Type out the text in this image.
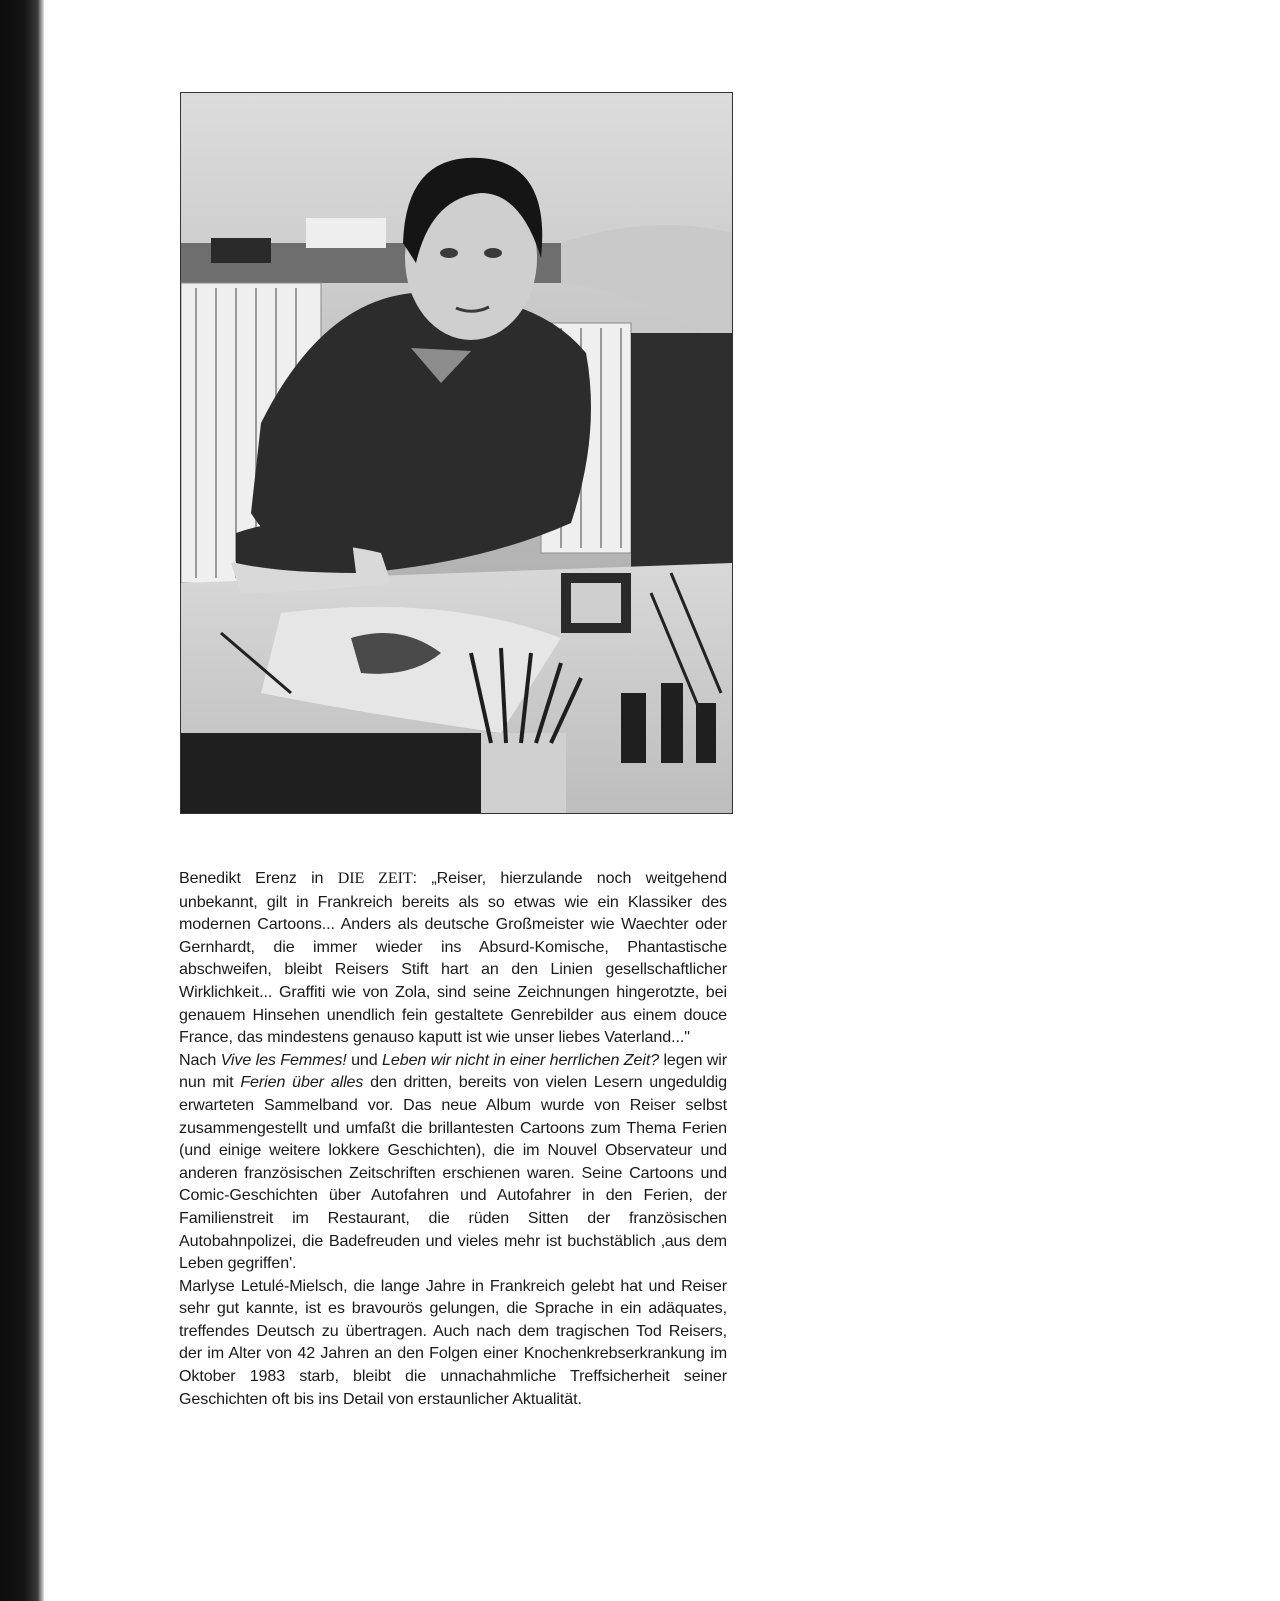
Benedikt Erenz in DIE ZEIT: „Reiser, hierzulande noch weitgehend unbekannt, gilt in Frankreich bereits als so etwas wie ein Klassiker des modernen Cartoons... Anders als deutsche Großmeister wie Waechter oder Gernhardt, die immer wieder ins Absurd-Komische, Phantastische abschweifen, bleibt Reisers Stift hart an den Linien gesellschaftlicher Wirklichkeit... Graffiti wie von Zola, sind seine Zeichnungen hingerotzte, bei genauem Hinsehen unendlich fein gestaltete Genrebilder aus einem douce France, das mindestens genauso kaputt ist wie unser liebes Vaterland..."

Nach Vive les Femmes! und Leben wir nicht in einer herrlichen Zeit? legen wir nun mit Ferien über alles den dritten, bereits von vielen Lesern ungeduldig erwarteten Sammelband vor. Das neue Album wurde von Reiser selbst zusammengestellt und umfaßt die brillantesten Cartoons zum Thema Ferien (und einige weitere lokkere Geschichten), die im Nouvel Observateur und anderen französischen Zeitschriften erschienen waren. Seine Cartoons und Comic-Geschichten über Autofahren und Autofahrer in den Ferien, der Familienstreit im Restaurant, die rüden Sitten der französischen Autobahnpolizei, die Badefreuden und vieles mehr ist buchstäblich ‚aus dem Leben gegriffen'.

Marlyse Letulé-Mielsch, die lange Jahre in Frankreich gelebt hat und Reiser sehr gut kannte, ist es bravourös gelungen, die Sprache in ein adäquates, treffendes Deutsch zu übertragen. Auch nach dem tragischen Tod Reisers, der im Alter von 42 Jahren an den Folgen einer Knochenkrebserkrankung im Oktober 1983 starb, bleibt die unnachahmliche Treffsicherheit seiner Geschichten oft bis ins Detail von erstaunlicher Aktualität.
